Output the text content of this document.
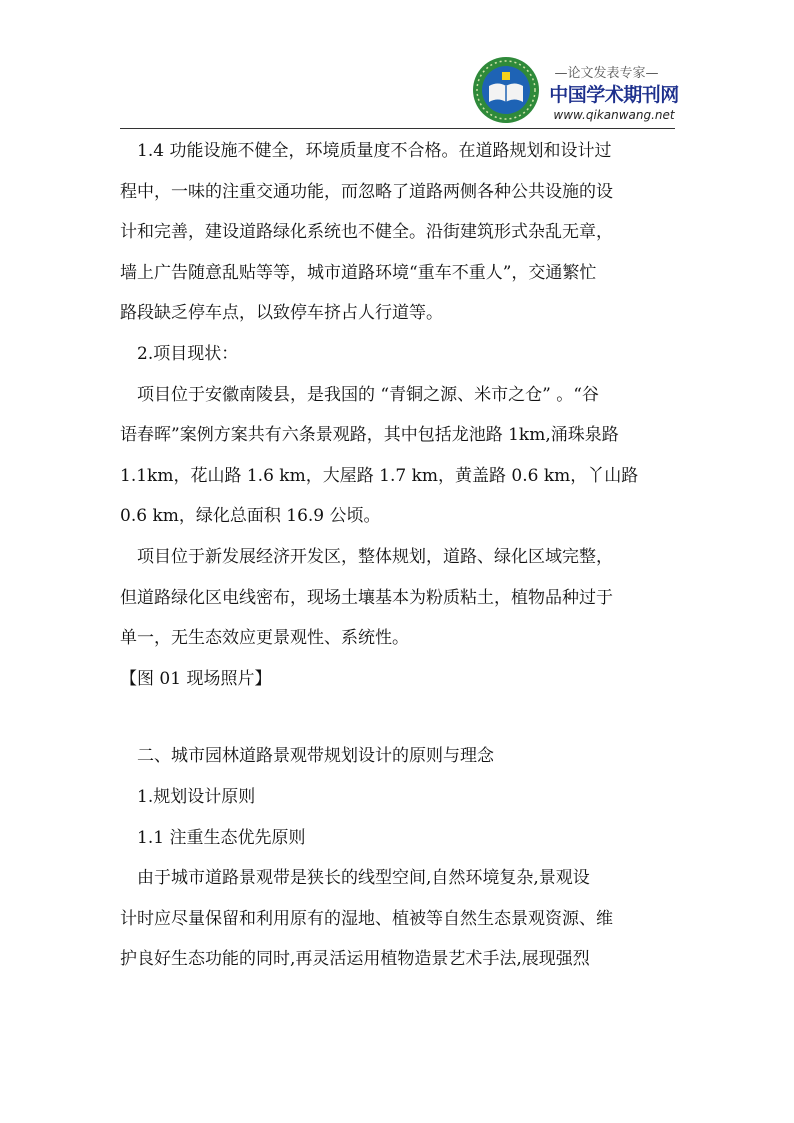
—论文发表专家—
中国学术期刊网
www.qikanwang.net

1.4 功能设施不健全，环境质量度不合格。在道路规划和设计过

程中，一味的注重交通功能，而忽略了道路两侧各种公共设施的设

计和完善，建设道路绿化系统也不健全。沿街建筑形式杂乱无章，

墙上广告随意乱贴等等，城市道路环境“重车不重人”，交通繁忙

路段缺乏停车点，以致停车挤占人行道等。

2.项目现状：

项目位于安徽南陵县，是我国的 “青铜之源、米市之仓” 。“谷

语春晖”案例方案共有六条景观路，其中包括龙池路 1km,涌珠泉路

1.1km，花山路 1.6 km，大屋路 1.7 km，黄盖路 0.6 km，丫山路

0.6 km，绿化总面积 16.9 公顷。

项目位于新发展经济开发区，整体规划，道路、绿化区域完整，

但道路绿化区电线密布，现场土壤基本为粉质粘土，植物品种过于

单一，无生态效应更景观性、系统性。

【图 01 现场照片】

二、城市园林道路景观带规划设计的原则与理念

1.规划设计原则

1.1 注重生态优先原则

由于城市道路景观带是狭长的线型空间,自然环境复杂,景观设

计时应尽量保留和利用原有的湿地、植被等自然生态景观资源、维

护良好生态功能的同时,再灵活运用植物造景艺术手法,展现强烈
